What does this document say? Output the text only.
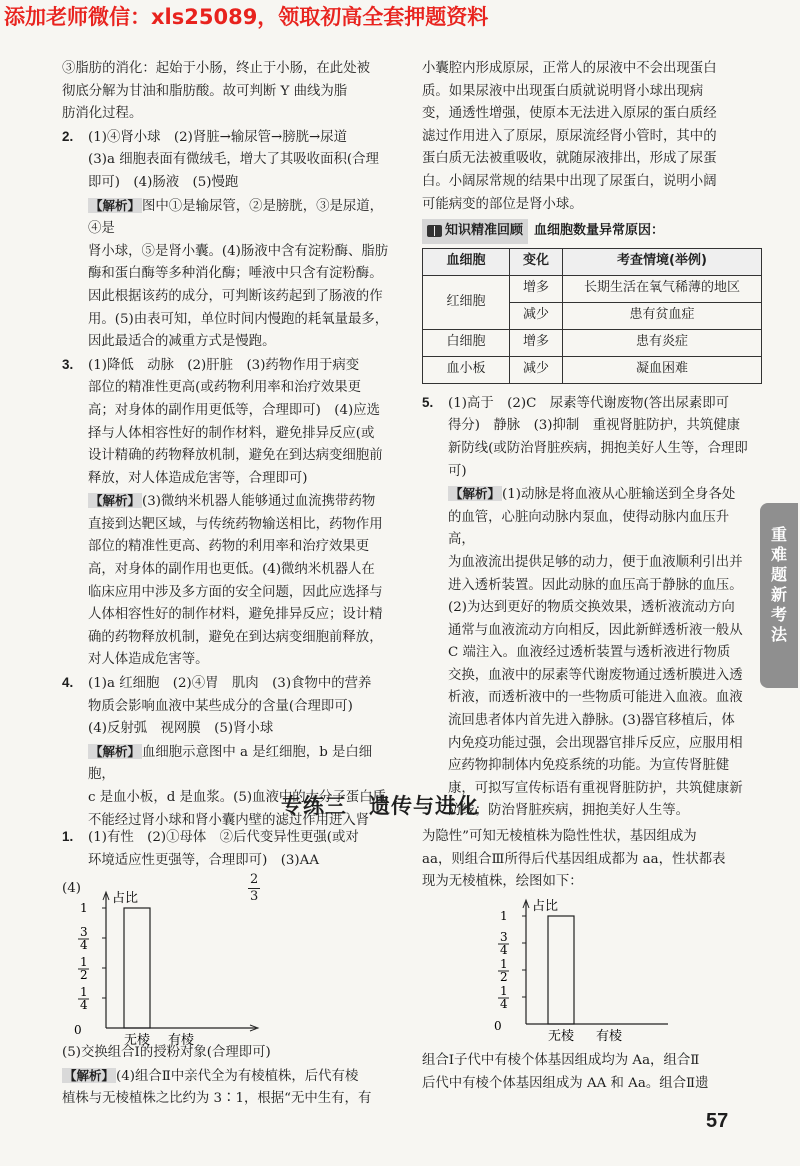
添加老师微信：xls25089，领取初高全套押题资料
③脂肪的消化：起始于小肠，终止于小肠，在此处被
彻底分解为甘油和脂肪酸。故可判断 Y 曲线为脂
肪消化过程。
2. (1)④肾小球　(2)肾脏→输尿管→膀胱→尿道
(3)a 细胞表面有微绒毛，增大了其吸收面积(合理
即可)　(4)肠液　(5)慢跑
【解析】 图中①是输尿管，②是膀胱，③是尿道，④是
肾小球，⑤是肾小囊。(4)肠液中含有淀粉酶、脂肪
酶和蛋白酶等多种消化酶；唾液中只含有淀粉酶。
因此根据该药的成分，可判断该药起到了肠液的作
用。(5)由表可知，单位时间内慢跑的耗氧量最多，
因此最适合的减重方式是慢跑。
3. (1)降低　动脉　(2)肝脏　(3)药物作用于病变
部位的精准性更高(或药物利用率和治疗效果更
高；对身体的副作用更低等，合理即可)　(4)应选
择与人体相容性好的制作材料，避免排异反应(或
设计精确的药物释放机制，避免在到达病变细胞前
释放，对人体造成危害等，合理即可)
【解析】 (3)微纳米机器人能够通过血流携带药物
直接到达靶区域，与传统药物输送相比，药物作用
部位的精准性更高、药物的利用率和治疗效果更
高，对身体的副作用也更低。(4)微纳米机器人在
临床应用中涉及多方面的安全问题，因此应选择与
人体相容性好的制作材料，避免排异反应；设计精
确的药物释放机制，避免在到达病变细胞前释放，
对人体造成危害等。
4. (1)a 红细胞　(2)④胃　肌肉　(3)食物中的营养
物质会影响血液中某些成分的含量(合理即可)
(4)反射弧　视网膜　(5)肾小球
【解析】 血细胞示意图中 a 是红细胞，b 是白细胞，
c 是血小板，d 是血浆。(5)血液中的大分子蛋白质
不能经过肾小球和肾小囊内壁的滤过作用进入肾
小囊腔内形成原尿，正常人的尿液中不会出现蛋白
质。如果尿液中出现蛋白质就说明肾小球出现病
变，通透性增强，使原本无法进入原尿的蛋白质经
滤过作用进入了原尿，原尿流经肾小管时，其中的
蛋白质无法被重吸收，就随尿液排出，形成了尿蛋
白。小阔尿常规的结果中出现了尿蛋白，说明小阔
可能病变的部位是肾小球。
知识精准回顾 血细胞数量异常原因：
血细胞	变化	考查情境(举例)
红细胞	增多	长期生活在氧气稀薄的地区
	减少	患有贫血症
白细胞	增多	患有炎症
血小板	减少	凝血困难
5. (1)高于　(2)C　尿素等代谢废物(答出尿素即可
得分)　静脉　(3)抑制　重视肾脏防护，共筑健康
新防线(或防治肾脏疾病，拥抱美好人生等，合理即可)
【解析】 (1)动脉是将血液从心脏输送到全身各处
的血管，心脏向动脉内泵血，使得动脉内血压升高，
为血液流出提供足够的动力，便于血液顺利引出并
进入透析装置。因此动脉的血压高于静脉的血压。
(2)为达到更好的物质交换效果，透析液流动方向
通常与血液流动方向相反，因此新鲜透析液一般从
C 端注入。血液经过透析装置与透析液进行物质
交换，血液中的尿素等代谢废物通过透析膜进入透
析液，而透析液中的一些物质可能进入血液。血液
流回患者体内首先进入静脉。(3)器官移植后，体
内免疫功能过强，会出现器官排斥反应，应服用相
应药物抑制体内免疫系统的功能。为宣传肾脏健
康，可拟写宣传标语有重视肾脏防护，共筑健康新
防线；防治肾脏疾病，拥抱美好人生等。
重难题新考法
专练三　遗传与进化
1. (1)有性　(2)①母体　②后代变异性更强(或对
环境适应性更强等，合理即可)　(3)AA
(4)
2
3
占比
1
3
4
1
2
1
4
0
无棱 有棱
(5)交换组合Ⅰ的授粉对象(合理即可)
【解析】 (4)组合Ⅱ中亲代全为有棱植株，后代有棱
植株与无棱植株之比约为 3∶1，根据“无中生有，有
为隐性”可知无棱植株为隐性性状，基因组成为
aa，则组合Ⅲ所得后代基因组成都为 aa，性状都表
现为无棱植株，绘图如下：
占比
1
3
4
1
2
1
4
0
无棱 有棱
组合Ⅰ子代中有棱个体基因组成均为 Aa，组合Ⅱ
后代中有棱个体基因组成为 AA 和 Aa。组合Ⅱ遗
57
